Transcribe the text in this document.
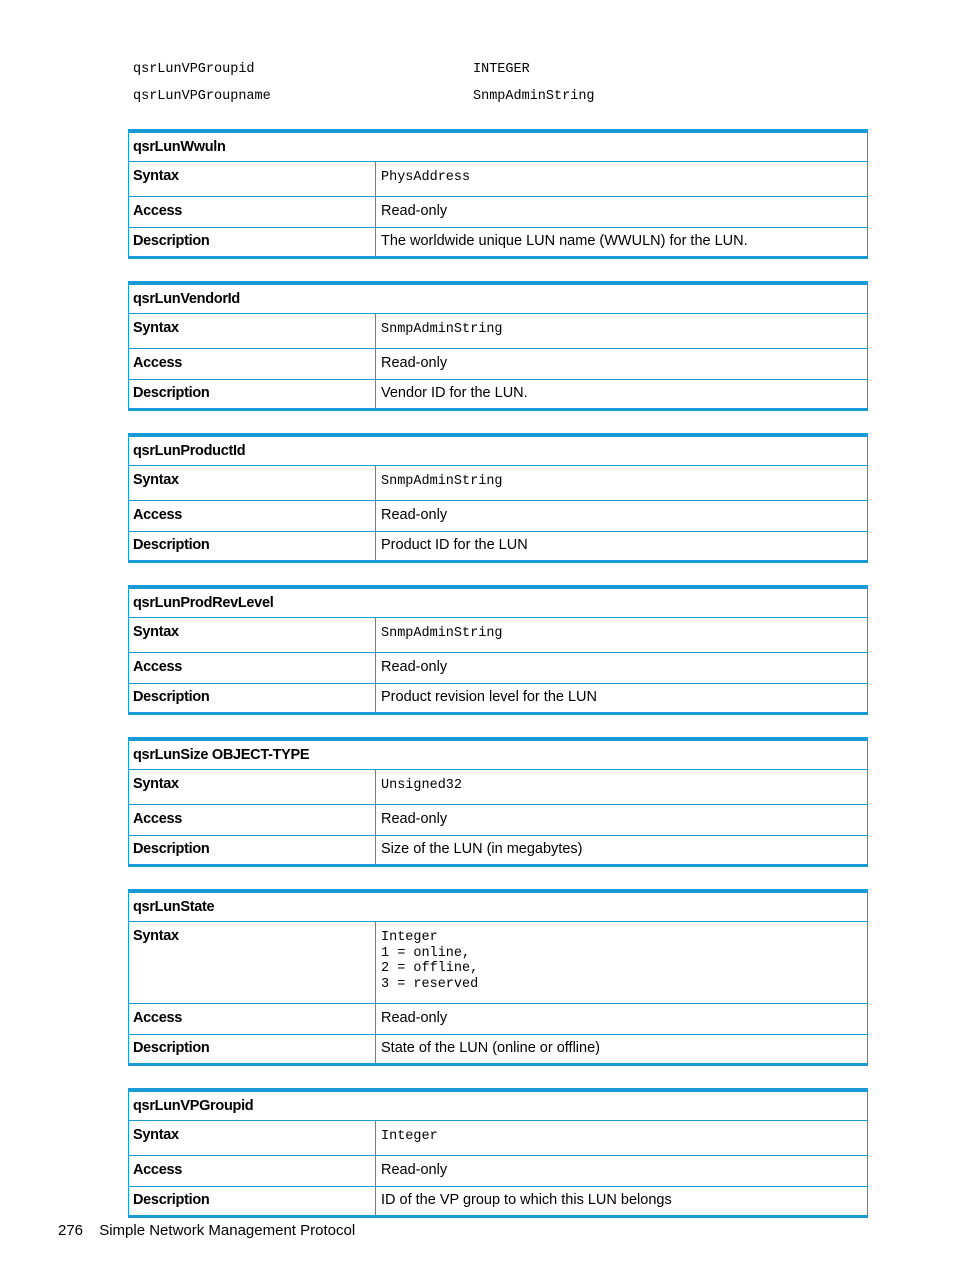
qsrLunVPGroupid	INTEGER
qsrLunVPGroupname	SnmpAdminString
qsrLunWwuln
Syntax	PhysAddress
Access	Read-only
Description	The worldwide unique LUN name (WWULN) for the LUN.
qsrLunVendorId
Syntax	SnmpAdminString
Access	Read-only
Description	Vendor ID for the LUN.
qsrLunProductId
Syntax	SnmpAdminString
Access	Read-only
Description	Product ID for the LUN
qsrLunProdRevLevel
Syntax	SnmpAdminString
Access	Read-only
Description	Product revision level for the LUN
qsrLunSize OBJECT-TYPE
Syntax	Unsigned32
Access	Read-only
Description	Size of the LUN (in megabytes)
qsrLunState
Syntax	Integer
1 = online,
2 = offline,
3 = reserved
Access	Read-only
Description	State of the LUN (online or offline)
qsrLunVPGroupid
Syntax	Integer
Access	Read-only
Description	ID of the VP group to which this LUN belongs
276 Simple Network Management Protocol
